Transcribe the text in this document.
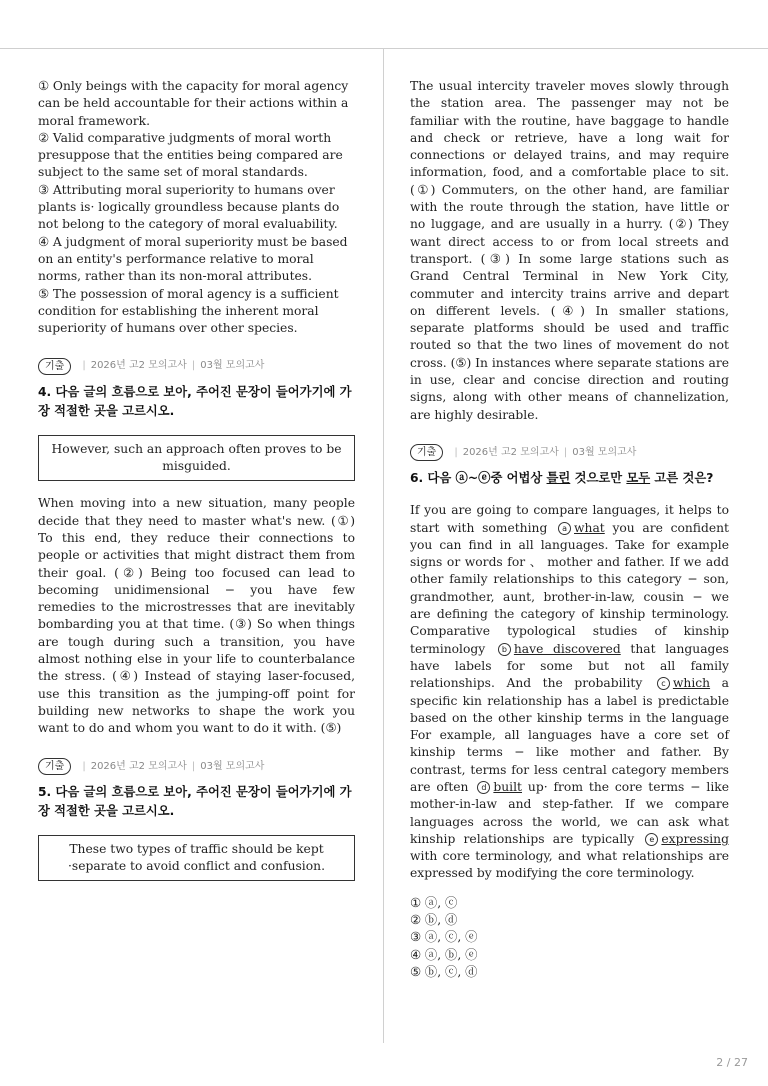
① Only beings with the capacity for moral agency can be held accountable for their actions within a moral framework.

② Valid comparative judgments of moral worth presuppose that the entities being compared are subject to the same set of moral standards.

③ Attributing moral superiority to humans over plants is· logically groundless because plants do not belong to the category of moral evaluability.

④ A judgment of moral superiority must be based on an entity's performance relative to moral norms, rather than its non-moral attributes.

⑤ The possession of moral agency is a sufficient condition for establishing the inherent moral superiority of humans over other species.

기출	| 2026년 고2 모의고사 | 03월 모의고사

4. 다음 글의 흐름으로 보아, 주어진 문장이 들어가기에 가장 적절한 곳을 고르시오.

However, such an approach often proves to be misguided.

When moving into a new situation, many people decide that they need to master what's new. (①) To this end, they reduce their connections to people or activities that might distract them from their goal. (②) Being too focused can lead to becoming unidimensional − you have few remedies to the microstresses that are inevitably bombarding you at that time. (③) So when things are tough during such a transition, you have almost nothing else in your life to counterbalance the stress. (④) Instead of staying laser-focused, use this transition as the jumping-off point for building new networks to shape the work you want to do and whom you want to do it with. (⑤)

기출	| 2026년 고2 모의고사 | 03월 모의고사

5. 다음 글의 흐름으로 보아, 주어진 문장이 들어가기에 가장 적절한 곳을 고르시오.

These two types of traffic should be kept ·separate to avoid conflict and confusion.

The usual intercity traveler moves slowly through the station area. The passenger may not be familiar with the routine, have baggage to handle and check or retrieve, have a long wait for connections or delayed trains, and may require information, food, and a comfortable place to sit. (①) Commuters, on the other hand, are familiar with the route through the station, have little or no luggage, and are usually in a hurry. (②) They want direct access to or from local streets and transport. (③) In some large stations such as Grand Central Terminal in New York City, commuter and intercity trains arrive and depart on different levels. (④) In smaller stations, separate platforms should be used and traffic routed so that the two lines of movement do not cross. (⑤) In instances where separate stations are in use, clear and concise direction and routing signs, along with other means of channelization, are highly desirable.

기출	| 2026년 고2 모의고사 | 03월 모의고사

6. 다음 ⓐ~ⓔ중 어법상 틀린 것으로만 모두 고른 것은?

If you are going to compare languages, it helps to start with something a what you are confident you can find in all languages. Take for example signs or words for 、 mother and father. If we add other family relationships to this category − son, grandmother, aunt, brother-in-law, cousin − we are defining the category of kinship terminology. Comparative typological studies of kinship terminology b have discovered that languages have labels for some but not all family relationships. And the probability c which a specific kin relationship has a label is predictable based on the other kinship terms in the language For example, all languages have a core set of kinship terms − like mother and father. By contrast, terms for less central category members are often d built up· from the core terms − like mother-in-law and step-father. If we compare languages across the world, we can ask what kinship relationships are typically e expressing with core terminology, and what relationships are expressed by modifying the core terminology.

① ⓐ, ⓒ
② ⓑ, ⓓ
③ ⓐ, ⓒ, ⓔ
④ ⓐ, ⓑ, ⓔ
⑤ ⓑ, ⓒ, ⓓ
2 / 27
